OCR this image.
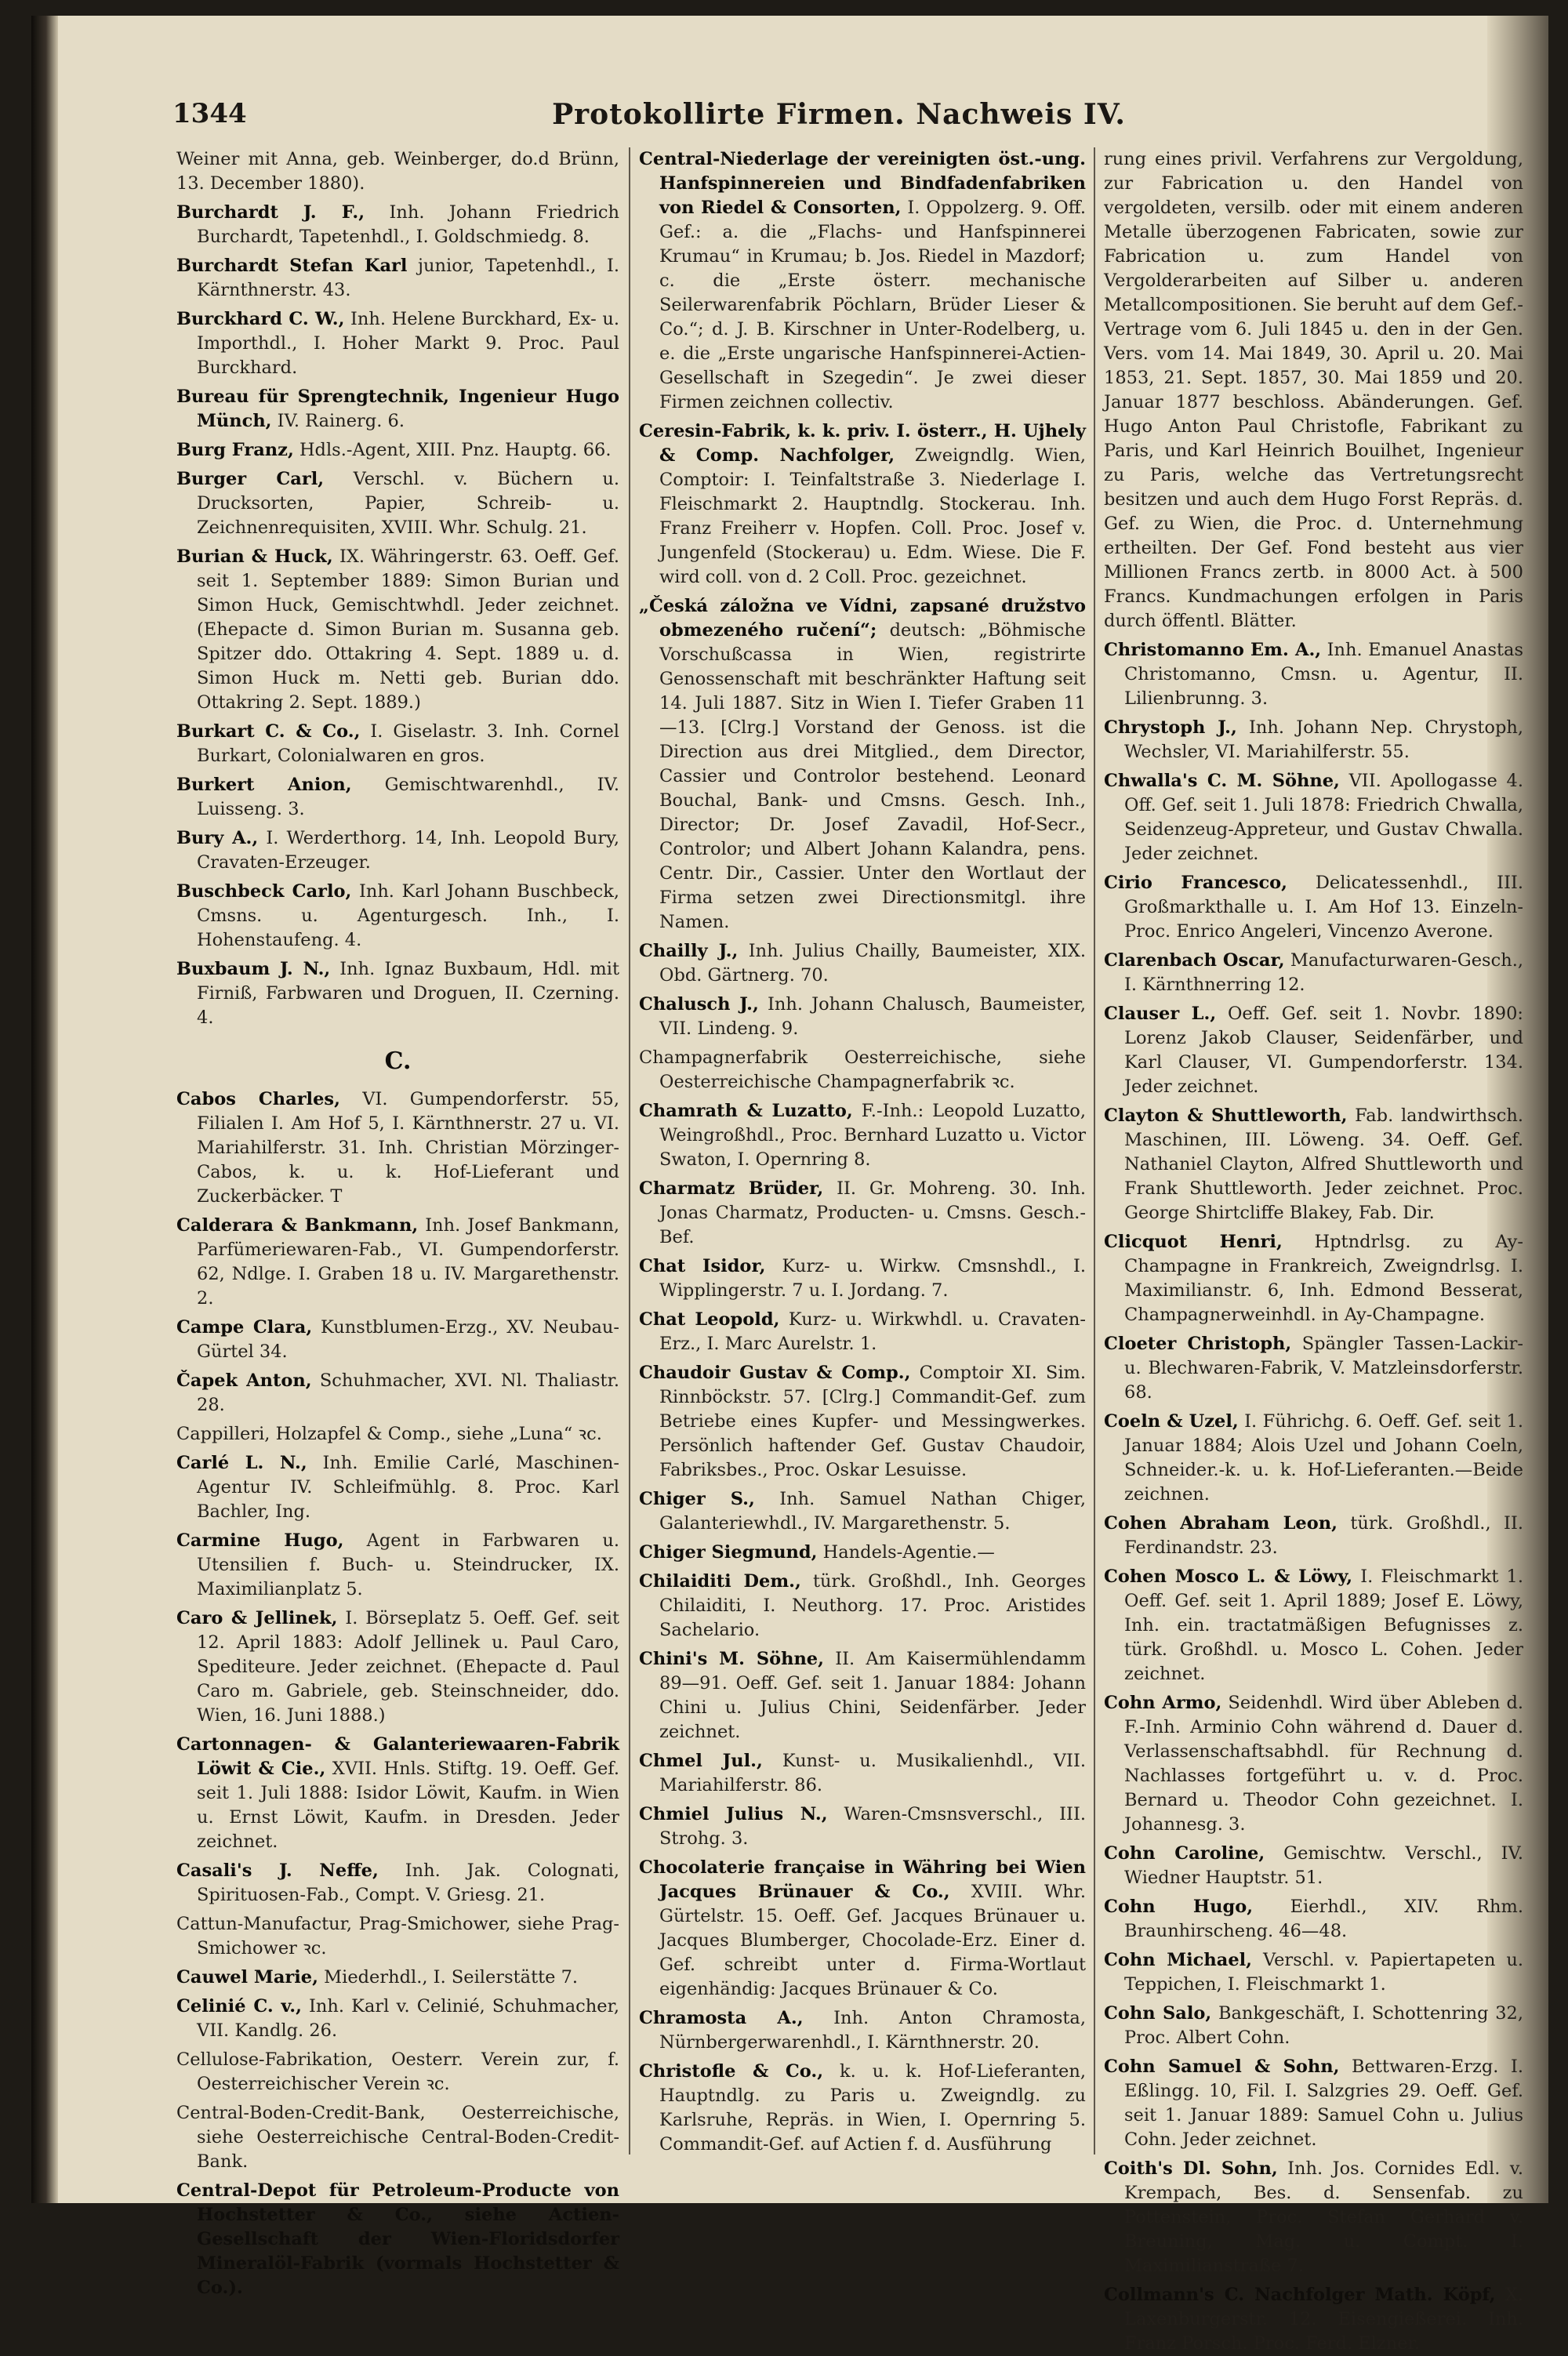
1344	Protokollirte Firmen. Nachweis IV.

Weiner mit Anna, geb. Weinberger, do.d Brünn, 13. December 1880).

Burchardt J. F., Inh. Johann Friedrich Burchardt, Tapetenhdl., I. Goldschmiedg. 8.

Burchardt Stefan Karl junior, Tapetenhdl., I. Kärnthnerstr. 43.

Burckhard C. W., Inh. Helene Burckhard, Ex- u. Importhdl., I. Hoher Markt 9. Proc. Paul Burckhard.

Bureau für Sprengtechnik, Ingenieur Hugo Münch, IV. Rainerg. 6.

Burg Franz, Hdls.-Agent, XIII. Pnz. Hauptg. 66.

Burger Carl, Verschl. v. Büchern u. Drucksorten, Papier, Schreib- u. Zeichnenrequisiten, XVIII. Whr. Schulg. 21.

Burian & Huck, IX. Währingerstr. 63. Oeff. Gef. seit 1. September 1889: Simon Burian und Simon Huck, Gemischtwhdl. Jeder zeichnet. (Ehepacte d. Simon Burian m. Susanna geb. Spitzer ddo. Ottakring 4. Sept. 1889 u. d. Simon Huck m. Netti geb. Burian ddo. Ottakring 2. Sept. 1889.)

Burkart C. & Co., I. Giselastr. 3. Inh. Cornel Burkart, Colonialwaren en gros.

Burkert Anion, Gemischtwarenhdl., IV. Luisseng. 3.

Bury A., I. Werderthorg. 14, Inh. Leopold Bury, Cravaten-Erzeuger.

Buschbeck Carlo, Inh. Karl Johann Buschbeck, Cmsns. u. Agenturgesch. Inh., I. Hohenstaufeng. 4.

Buxbaum J. N., Inh. Ignaz Buxbaum, Hdl. mit Firniß, Farbwaren und Droguen, II. Czerning. 4.

C.

Cabos Charles, VI. Gumpendorferstr. 55, Filialen I. Am Hof 5, I. Kärnthnerstr. 27 u. VI. Mariahilferstr. 31. Inh. Christian Mörzinger-Cabos, k. u. k. Hof-Lieferant und Zuckerbäcker. T

Calderara & Bankmann, Inh. Josef Bankmann, Parfümeriewaren-Fab., VI. Gumpendorferstr. 62, Ndlge. I. Graben 18 u. IV. Margarethenstr. 2.

Campe Clara, Kunstblumen-Erzg., XV. Neubau-Gürtel 34.

Čapek Anton, Schuhmacher, XVI. Nl. Thaliastr. 28.

Cappilleri, Holzapfel & Comp., siehe „Luna“ ꝛc.

Carlé L. N., Inh. Emilie Carlé, Maschinen-Agentur IV. Schleifmühlg. 8. Proc. Karl Bachler, Ing.

Carmine Hugo, Agent in Farbwaren u. Utensilien f. Buch- u. Steindrucker, IX. Maximilianplatz 5.

Caro & Jellinek, I. Börseplatz 5. Oeff. Gef. seit 12. April 1883: Adolf Jellinek u. Paul Caro, Spediteure. Jeder zeichnet. (Ehepacte d. Paul Caro m. Gabriele, geb. Steinschneider, ddo. Wien, 16. Juni 1888.)

Cartonnagen- & Galanteriewaaren-Fabrik Löwit & Cie., XVII. Hnls. Stiftg. 19. Oeff. Gef. seit 1. Juli 1888: Isidor Löwit, Kaufm. in Wien u. Ernst Löwit, Kaufm. in Dresden. Jeder zeichnet.

Casali's J. Neffe, Inh. Jak. Colognati, Spirituosen-Fab., Compt. V. Griesg. 21.

Cattun-Manufactur, Prag-Smichower, siehe Prag-Smichower ꝛc.

Cauwel Marie, Miederhdl., I. Seilerstätte 7.

Celinié C. v., Inh. Karl v. Celinié, Schuhmacher, VII. Kandlg. 26.

Cellulose-Fabrikation, Oesterr. Verein zur, f. Oesterreichischer Verein ꝛc.

Central-Boden-Credit-Bank, Oesterreichische, siehe Oesterreichische Central-Boden-Credit-Bank.

Central-Depot für Petroleum-Producte von Hochstetter & Co., siehe Actien-Gesellschaft der Wien-Floridsdorfer Mineralöl-Fabrik (vormals Hochstetter & Co.).

Central-Niederlage der vereinigten öst.-ung. Hanfspinnereien und Bindfadenfabriken von Riedel & Consorten, I. Oppolzerg. 9. Off. Gef.: a. die „Flachs- und Hanfspinnerei Krumau“ in Krumau; b. Jos. Riedel in Mazdorf; c. die „Erste österr. mechanische Seilerwarenfabrik Pöchlarn, Brüder Lieser & Co.“; d. J. B. Kirschner in Unter-Rodelberg, u. e. die „Erste ungarische Hanfspinnerei-Actien-Gesellschaft in Szegedin“. Je zwei dieser Firmen zeichnen collectiv.

Ceresin-Fabrik, k. k. priv. I. österr., H. Ujhely & Comp. Nachfolger, Zweigndlg. Wien, Comptoir: I. Teinfaltstraße 3. Niederlage I. Fleischmarkt 2. Hauptndlg. Stockerau. Inh. Franz Freiherr v. Hopfen. Coll. Proc. Josef v. Jungenfeld (Stockerau) u. Edm. Wiese. Die F. wird coll. von d. 2 Coll. Proc. gezeichnet.

„Česká záložna ve Vídni, zapsané družstvo obmezeného ručení“; deutsch: „Böhmische Vorschußcassa in Wien, registrirte Genossenschaft mit beschränkter Haftung seit 14. Juli 1887. Sitz in Wien I. Tiefer Graben 11—13. [Clrg.] Vorstand der Genoss. ist die Direction aus drei Mitglied., dem Director, Cassier und Controlor bestehend. Leonard Bouchal, Bank- und Cmsns. Gesch. Inh., Director; Dr. Josef Zavadil, Hof-Secr., Controlor; und Albert Johann Kalandra, pens. Centr. Dir., Cassier. Unter den Wortlaut der Firma setzen zwei Directionsmitgl. ihre Namen.

Chailly J., Inh. Julius Chailly, Baumeister, XIX. Obd. Gärtnerg. 70.

Chalusch J., Inh. Johann Chalusch, Baumeister, VII. Lindeng. 9.

Champagnerfabrik Oesterreichische, siehe Oesterreichische Champagnerfabrik ꝛc.

Chamrath & Luzatto, F.-Inh.: Leopold Luzatto, Weingroßhdl., Proc. Bernhard Luzatto u. Victor Swaton, I. Opernring 8.

Charmatz Brüder, II. Gr. Mohreng. 30. Inh. Jonas Charmatz, Producten- u. Cmsns. Gesch.-Bef.

Chat Isidor, Kurz- u. Wirkw. Cmsnshdl., I. Wipplingerstr. 7 u. I. Jordang. 7.

Chat Leopold, Kurz- u. Wirkwhdl. u. Cravaten-Erz., I. Marc Aurelstr. 1.

Chaudoir Gustav & Comp., Comptoir XI. Sim. Rinnböckstr. 57. [Clrg.] Commandit-Gef. zum Betriebe eines Kupfer- und Messingwerkes. Persönlich haftender Gef. Gustav Chaudoir, Fabriksbes., Proc. Oskar Lesuisse.

Chiger S., Inh. Samuel Nathan Chiger, Galanteriewhdl., IV. Margarethenstr. 5.

Chiger Siegmund, Handels-Agentie.—

Chilaiditi Dem., türk. Großhdl., Inh. Georges Chilaiditi, I. Neuthorg. 17. Proc. Aristides Sachelario.

Chini's M. Söhne, II. Am Kaisermühlendamm 89—91. Oeff. Gef. seit 1. Januar 1884: Johann Chini u. Julius Chini, Seidenfärber. Jeder zeichnet.

Chmel Jul., Kunst- u. Musikalienhdl., VII. Mariahilferstr. 86.

Chmiel Julius N., Waren-Cmsnsverschl., III. Strohg. 3.

Chocolaterie française in Währing bei Wien Jacques Brünauer & Co., XVIII. Whr. Gürtelstr. 15. Oeff. Gef. Jacques Brünauer u. Jacques Blumberger, Chocolade-Erz. Einer d. Gef. schreibt unter d. Firma-Wortlaut eigenhändig: Jacques Brünauer & Co.

Chramosta A., Inh. Anton Chramosta, Nürnbergerwarenhdl., I. Kärnthnerstr. 20.

Christofle & Co., k. u. k. Hof-Lieferanten, Hauptndlg. zu Paris u. Zweigndlg. zu Karlsruhe, Repräs. in Wien, I. Opernring 5. Commandit-Gef. auf Actien f. d. Ausführung

rung eines privil. Verfahrens zur Vergoldung, zur Fabrication u. den Handel von vergoldeten, versilb. oder mit einem anderen Metalle überzogenen Fabricaten, sowie zur Fabrication u. zum Handel von Vergolderarbeiten auf Silber u. anderen Metallcompositionen. Sie beruht auf dem Gef.-Vertrage vom 6. Juli 1845 u. den in der Gen. Vers. vom 14. Mai 1849, 30. April u. 20. Mai 1853, 21. Sept. 1857, 30. Mai 1859 und 20. Januar 1877 beschloss. Abänderungen. Gef. Hugo Anton Paul Christofle, Fabrikant zu Paris, und Karl Heinrich Bouilhet, Ingenieur zu Paris, welche das Vertretungsrecht besitzen und auch dem Hugo Forst Repräs. d. Gef. zu Wien, die Proc. d. Unternehmung ertheilten. Der Gef. Fond besteht aus vier Millionen Francs zertb. in 8000 Act. à 500 Francs. Kundmachungen erfolgen in Paris durch öffentl. Blätter.

Christomanno Em. A., Inh. Emanuel Anastas Christomanno, Cmsn. u. Agentur, II. Lilienbrunng. 3.

Chrystoph J., Inh. Johann Nep. Chrystoph, Wechsler, VI. Mariahilferstr. 55.

Chwalla's C. M. Söhne, VII. Apollogasse 4. Off. Gef. seit 1. Juli 1878: Friedrich Chwalla, Seidenzeug-Appreteur, und Gustav Chwalla. Jeder zeichnet.

Cirio Francesco, Delicatessenhdl., III. Großmarkthalle u. I. Am Hof 13. Einzeln-Proc. Enrico Angeleri, Vincenzo Averone.

Clarenbach Oscar, Manufacturwaren-Gesch., I. Kärnthnerring 12.

Clauser L., Oeff. Gef. seit 1. Novbr. 1890: Lorenz Jakob Clauser, Seidenfärber, und Karl Clauser, VI. Gumpendorferstr. 134. Jeder zeichnet.

Clayton & Shuttleworth, Fab. landwirthsch. Maschinen, III. Löweng. 34. Oeff. Gef. Nathaniel Clayton, Alfred Shuttleworth und Frank Shuttleworth. Jeder zeichnet. Proc. George Shirtcliffe Blakey, Fab. Dir.

Clicquot Henri, Hptndrlsg. zu Ay-Champagne in Frankreich, Zweigndrlsg. I. Maximilianstr. 6, Inh. Edmond Besserat, Champagnerweinhdl. in Ay-Champagne.

Cloeter Christoph, Spängler Tassen-Lackir- u. Blechwaren-Fabrik, V. Matzleinsdorferstr. 68.

Coeln & Uzel, I. Führichg. 6. Oeff. Gef. seit 1. Januar 1884; Alois Uzel und Johann Coeln, Schneider.-k. u. k. Hof-Lieferanten.—Beide zeichnen.

Cohen Abraham Leon, türk. Großhdl., II. Ferdinandstr. 23.

Cohen Mosco L. & Löwy, I. Fleischmarkt 1. Oeff. Gef. seit 1. April 1889; Josef E. Löwy, Inh. ein. tractatmäßigen Befugnisses z. türk. Großhdl. u. Mosco L. Cohen. Jeder zeichnet.

Cohn Armo, Seidenhdl. Wird über Ableben d. F.-Inh. Arminio Cohn während d. Dauer d. Verlassenschaftsabhdl. für Rechnung d. Nachlasses fortgeführt u. v. d. Proc. Bernard u. Theodor Cohn gezeichnet. I. Johannesg. 3.

Cohn Caroline, Gemischtw. Verschl., IV. Wiedner Hauptstr. 51.

Cohn Hugo, Eierhdl., XIV. Rhm. Braunhirscheng. 46—48.

Cohn Michael, Verschl. v. Papiertapeten u. Teppichen, I. Fleischmarkt 1.

Cohn Salo, Bankgeschäft, I. Schottenring 32, Proc. Albert Cohn.

Cohn Samuel & Sohn, Bettwaren-Erzg. I. Eßlingg. 10, Fil. I. Salzgries 29. Oeff. Gef. seit 1. Januar 1889: Samuel Cohn u. Julius Cohn. Jeder zeichnet.

Coith's Dl. Sohn, Inh. Jos. Cornides Edl. v. Krempach, Bes. d. Sensenfab. zu Pottenstein, Proc. Stefan Gerhard v. Breuning, Mag. u. Compt. I. Maximilianstraße 7.

Collmann's C. Nachfolger Math. Köpf, X. Laxenburgerstr. 12. Eisengießerei. Inh. Franz Porsch. Proc. Ferd. Elzner.
